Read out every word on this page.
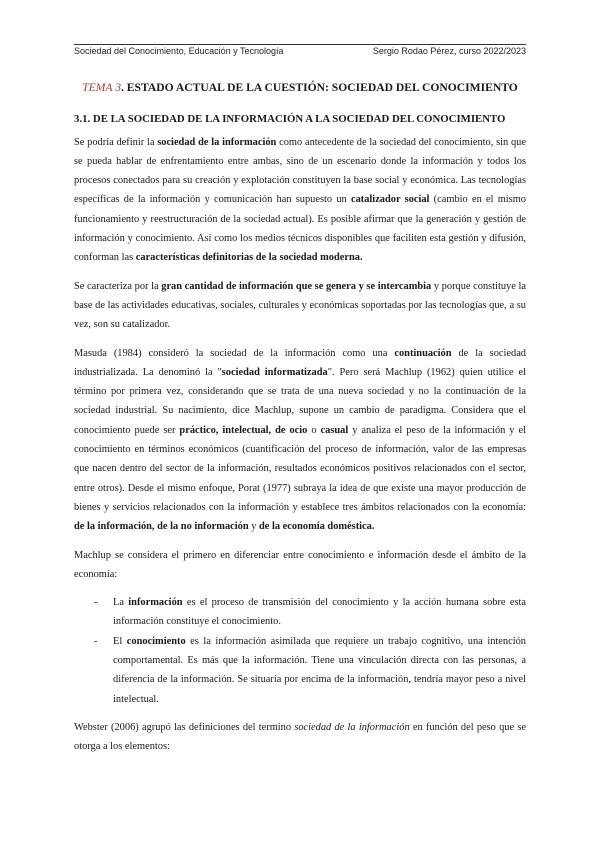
Sociedad del Conocimiento, Educación y Tecnología	Sergio Rodao Pérez, curso 2022/2023
TEMA 3. ESTADO ACTUAL DE LA CUESTIÓN: SOCIEDAD DEL CONOCIMIENTO
3.1. DE LA SOCIEDAD DE LA INFORMACIÓN A LA SOCIEDAD DEL CONOCIMIENTO

Se podría definir la sociedad de la información como antecedente de la sociedad del conocimiento, sin que se pueda hablar de enfrentamiento entre ambas, sino de un escenario donde la información y todos los procesos conectados para su creación y explotación constituyen la base social y económica. Las tecnologías específicas de la información y comunicación han supuesto un catalizador social (cambio en el mismo funcionamiento y reestructuración de la sociedad actual). Es posible afirmar que la generación y gestión de información y conocimiento. Así como los medios técnicos disponibles que faciliten esta gestión y difusión, conforman las características definitorias de la sociedad moderna.

Se caracteriza por la gran cantidad de información que se genera y se intercambia y porque constituye la base de las actividades educativas, sociales, culturales y económicas soportadas por las tecnologías que, a su vez, son su catalizador.

Masuda (1984) consideró la sociedad de la información como una continuación de la sociedad industrializada. La denominó la "sociedad informatizada". Pero será Machlup (1962) quien utilice el término por primera vez, considerando que se trata de una nueva sociedad y no la continuación de la sociedad industrial. Su nacimiento, dice Machlup, supone un cambio de paradigma. Considera que el conocimiento puede ser práctico, intelectual, de ocio o casual y analiza el peso de la información y el conocimiento en términos económicos (cuantificación del proceso de información, valor de las empresas que nacen dentro del sector de la información, resultados económicos positivos relacionados con el sector, entre otros). Desde el mismo enfoque, Porat (1977) subraya la idea de que existe una mayor producción de bienes y servicios relacionados con la información y establece tres ámbitos relacionados con la economía: de la información, de la no información y de la economía doméstica.

Machlup se considera el primero en diferenciar entre conocimiento e información desde el ámbito de la economía:

- La información es el proceso de transmisión del conocimiento y la acción humana sobre esta información constituye el conocimiento.
- El conocimiento es la información asimilada que requiere un trabajo cognitivo, una intención comportamental. Es más que la información. Tiene una vinculación directa con las personas, a diferencia de la información. Se situaría por encima de la información, tendría mayor peso a nivel intelectual.

Webster (2006) agrupó las definiciones del termino sociedad de la información en función del peso que se otorga a los elementos:
